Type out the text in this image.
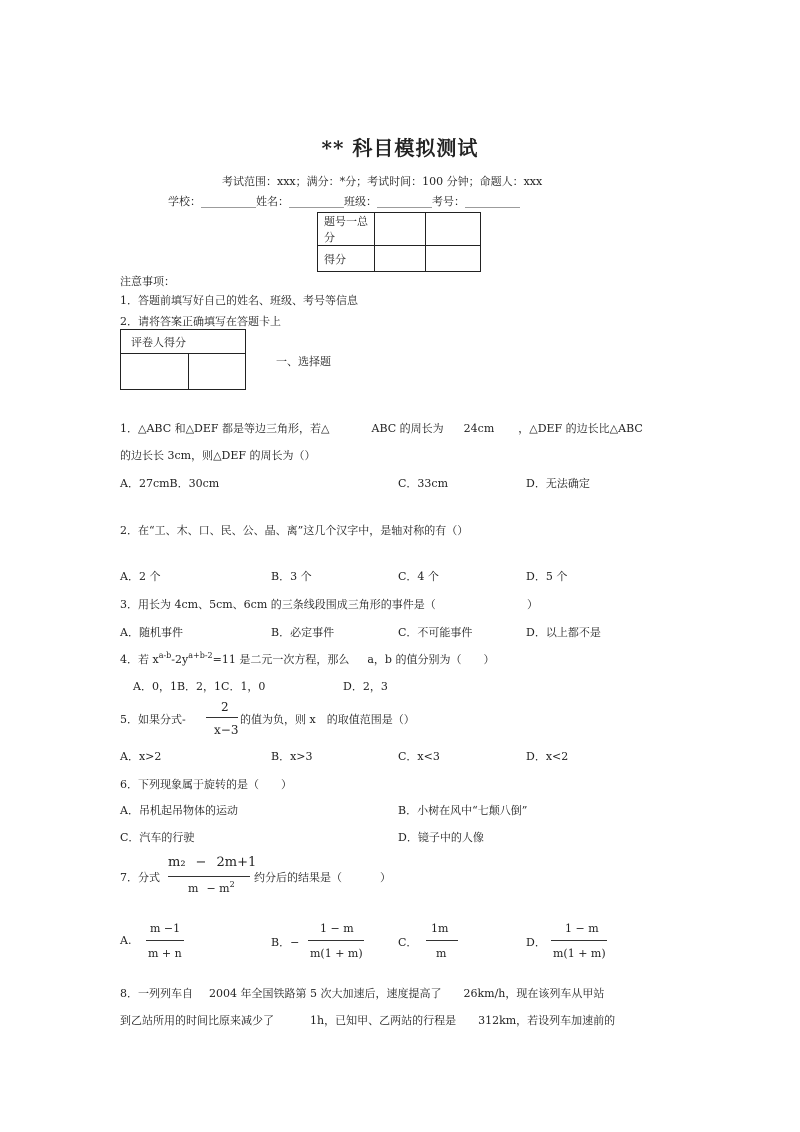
** 科目模拟测试
考试范围：xxx；满分：*分；考试时间：100 分钟；命题人：xxx
学校：__________姓名：__________班级：__________考号：__________
题号一总分		
得分		
注意事项：
1．答题前填写好自己的姓名、班级、考号等信息
2．请将答案正确填写在答题卡上
评卷人得分

一、选择题
1．△ABC 和△DEF 都是等边三角形，若△	ABC 的周长为 24cm ，△DEF 的边长比△ABC
的边长长 3cm，则△DEF 的周长为（）
A．27cmB．30cm	C．33cm	D．无法确定
2．在“工、木、口、民、公、晶、离”这几个汉字中，是轴对称的有（）
A．2 个	B．3 个	C．4 个	D．5 个
3．用长为 4cm、5cm、6cm 的三条线段围成三角形的事件是（	）
A．随机事件	B．必定事件	C．不可能事件	D．以上都不是
4．若 $x^{a-b}-2y^{a+b-2}=11$ 是二元一次方程，那么 a，b 的值分别为（　　）
A．0，1B．2，1C．1，0	D．2，3
5．如果分式-
2
x−3
的值为负，则 x　的取值范围是（）
A．x>2	B．x>3	C．x<3	D．x<2
6．下列现象属于旋转的是（　　）
A．吊机起吊物体的运动	B．小树在风中“七颠八倒”
C．汽车的行驶	D．镜子中的人像
7．分式
m₂ − 2m+1
$m - m^2$
约分后的结果是（	）
A.
m −1
m + n
B．−
1 − m
m(1 + m)
C．
1m
m
D．
1 − m
m(1 + m)
8．一列列车自 2004 年全国铁路第 5 次大加速后，速度提高了 26km/h，现在该列车从甲站
到乙站所用的时间比原来减少了	1h，已知甲、乙两站的行程是 312km，若设列车加速前的
